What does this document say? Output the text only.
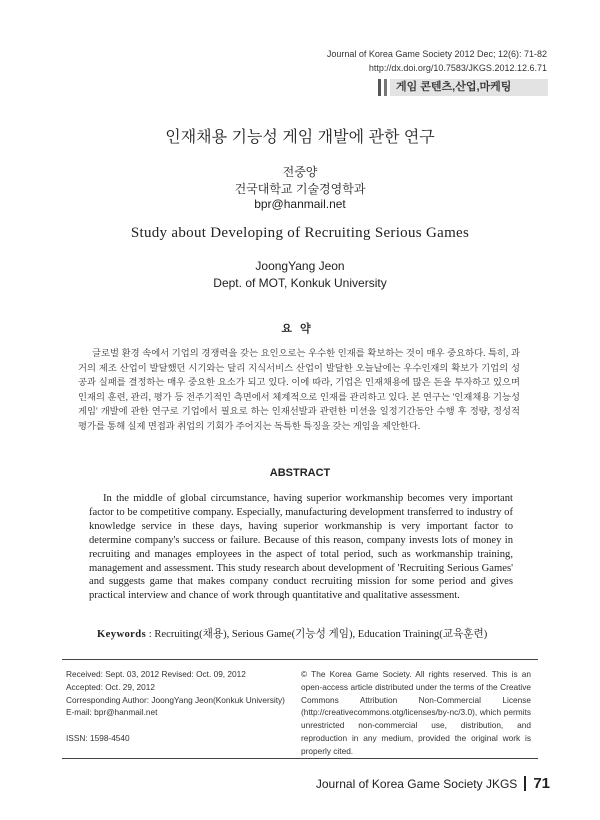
Journal of Korea Game Society 2012 Dec; 12(6): 71-82
http://dx.doi.org/10.7583/JKGS.2012.12.6.71
게임 콘텐츠,산업,마케팅
인재채용 기능성 게임 개발에 관한 연구
전중양
건국대학교 기술경영학과
bpr@hanmail.net
Study about Developing of Recruiting Serious Games
JoongYang Jeon
Dept. of MOT, Konkuk University
요약
글로벌 환경 속에서 기업의 경쟁력을 갖는 요인으로는 우수한 인재를 확보하는 것이 매우 중요하다. 특히, 과거의 제조 산업이 발달했던 시기와는 달리 지식서비스 산업이 발달한 오늘날에는 우수인재의 확보가 기업의 성공과 실패를 결정하는 매우 중요한 요소가 되고 있다. 이에 따라, 기업은 인재채용에 많은 돈을 투자하고 있으며 인재의 훈련, 관리, 평가 등 전주기적인 측면에서 체계적으로 인재를 관리하고 있다. 본 연구는 '인재채용 기능성 게임' 개발에 관한 연구로 기업에서 필요로 하는 인재선발과 관련한 미션을 일정기간동안 수행 후 정량, 정성적 평가를 통해 실제 면접과 취업의 기회가 주어지는 독특한 특징을 갖는 게임을 제안한다.
ABSTRACT
In the middle of global circumstance, having superior workmanship becomes very important factor to be competitive company. Especially, manufacturing development transferred to industry of knowledge service in these days, having superior workmanship is very important factor to determine company's success or failure. Because of this reason, company invests lots of money in recruiting and manages employees in the aspect of total period, such as workmanship training, management and assessment. This study research about development of 'Recruiting Serious Games' and suggests game that makes company conduct recruiting mission for some period and gives practical interview and chance of work through quantitative and qualitative assessment.
Keywords : Recruiting(채용), Serious Game(기능성 게임), Education Training(교육훈련)
Received: Sept. 03, 2012 Revised: Oct. 09, 2012
Accepted: Oct. 29, 2012
Corresponding Author: JoongYang Jeon(Konkuk University)
E-mail: bpr@hanmail.net
ISSN: 1598-4540
© The Korea Game Society. All rights reserved. This is an open-access article distributed under the terms of the Creative Commons Attribution Non-Commercial License (http://creativecommons.otg/licenses/by-nc/3.0), which permits unrestricted non-commercial use, distribution, and reproduction in any medium, provided the original work is properly cited.
Journal of Korea Game Society JKGS 71
